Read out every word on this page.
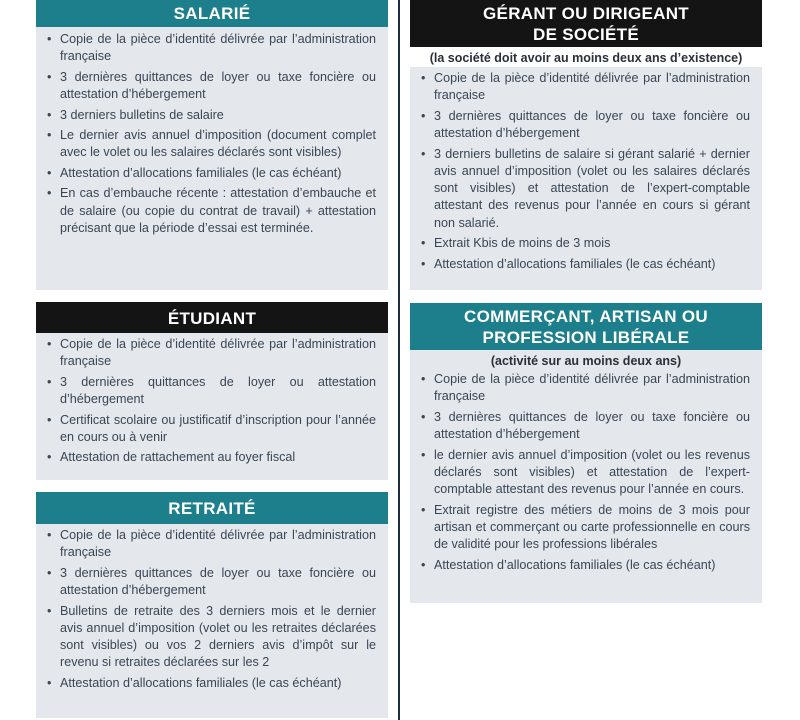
SALARIÉ
• Copie de la pièce d’identité délivrée par l’administration française
• 3 dernières quittances de loyer ou taxe foncière ou attestation d’hébergement
• 3 derniers bulletins de salaire
• Le dernier avis annuel d’imposition (document complet avec le volet ou les salaires déclarés sont visibles)
• Attestation d’allocations familiales (le cas échéant)
• En cas d’embauche récente : attestation d’embauche et de salaire (ou copie du contrat de travail) + attestation précisant que la période d’essai est terminée.
ÉTUDIANT
• Copie de la pièce d’identité délivrée par l’administration française
• 3 dernières quittances de loyer ou attestation d’hébergement
• Certificat scolaire ou justificatif d’inscription pour l’année en cours ou à venir
• Attestation de rattachement au foyer fiscal
RETRAITÉ
• Copie de la pièce d’identité délivrée par l’administration française
• 3 dernières quittances de loyer ou taxe foncière ou attestation d’hébergement
• Bulletins de retraite des 3 derniers mois et le dernier avis annuel d’imposition (volet ou les retraites déclarées sont visibles) ou vos 2 derniers avis d’impôt sur le revenu si retraites déclarées sur les 2
• Attestation d’allocations familiales (le cas échéant)
GÉRANT OU DIRIGEANT
DE SOCIÉTÉ
(la société doit avoir au moins deux ans d’existence)
• Copie de la pièce d’identité délivrée par l’administration française
• 3 dernières quittances de loyer ou taxe foncière ou attestation d’hébergement
• 3 derniers bulletins de salaire si gérant salarié + dernier avis annuel d’imposition (volet ou les salaires déclarés sont visibles) et attestation de l’expert-comptable attestant des revenus pour l’année en cours si gérant non salarié.
• Extrait Kbis de moins de 3 mois
• Attestation d’allocations familiales (le cas échéant)
COMMERÇANT, ARTISAN OU
PROFESSION LIBÉRALE
(activité sur au moins deux ans)
• Copie de la pièce d’identité délivrée par l’administration française
• 3 dernières quittances de loyer ou taxe foncière ou attestation d’hébergement
• le dernier avis annuel d’imposition (volet ou les revenus déclarés sont visibles) et attestation de l’expert-comptable attestant des revenus pour l’année en cours.
• Extrait registre des métiers de moins de 3 mois pour artisan et commerçant ou carte professionnelle en cours de validité pour les professions libérales
• Attestation d’allocations familiales (le cas échéant)
